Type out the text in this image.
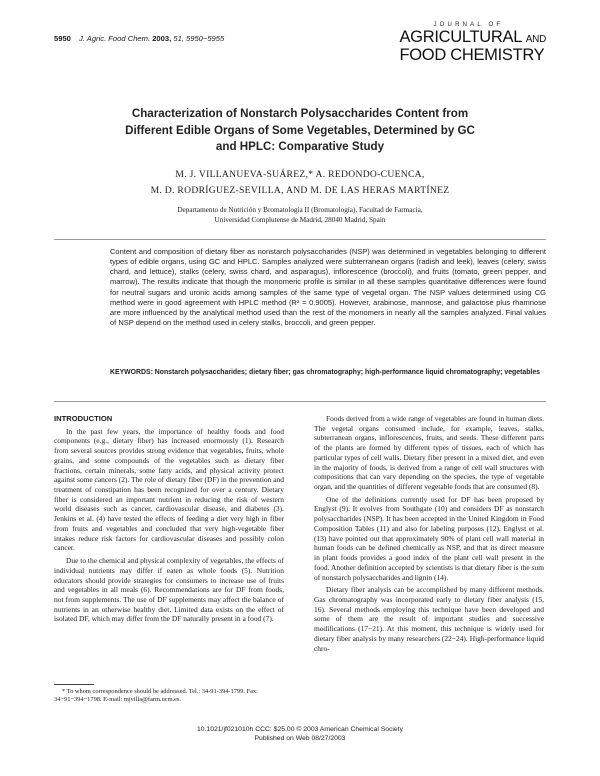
5950 J. Agric. Food Chem. 2003, 51, 5950−5955
JOURNAL OF
AGRICULTURAL AND
FOOD CHEMISTRY
Characterization of Nonstarch Polysaccharides Content from
Different Edible Organs of Some Vegetables, Determined by GC
and HPLC: Comparative Study
M. J. VILLANUEVA-SUÁREZ,* A. REDONDO-CUENCA,
M. D. RODRÍGUEZ-SEVILLA, AND M. DE LAS HERAS MARTÍNEZ
Departamento de Nutrición y Bromatología II (Bromatología), Facultad de Farmacia,
Universidad Complutense de Madrid, 28040 Madrid, Spain
Content and composition of dietary fiber as nonstarch polysaccharides (NSP) was determined in vegetables belonging to different types of edible organs, using GC and HPLC. Samples analyzed were subterranean organs (radish and leek), leaves (celery, swiss chard, and lettuce), stalks (celery, swiss chard, and asparagus), inflorescence (broccoli), and fruits (tomato, green pepper, and marrow). The results indicate that though the monomeric profile is similar in all these samples quantitative differences were found for neutral sugars and uronic acids among samples of the same type of vegetal organ. The NSP values determined using CG method were in good agreement with HPLC method (R² = 0.9005). However, arabinose, mannose, and galactose plus rhamnose are more influenced by the analytical method used than the rest of the monomers in nearly all the samples analyzed. Final values of NSP depend on the method used in celery stalks, broccoli, and green pepper.
KEYWORDS: Nonstarch polysaccharides; dietary fiber; gas chromatography; high-performance liquid chromatography; vegetables

INTRODUCTION

In the past few years, the importance of healthy foods and food components (e.g., dietary fiber) has increased enormously (1). Research from several sources provides strong evidence that vegetables, fruits, whole grains, and some compounds of the vegetables such as dietary fiber fractions, certain minerals, some fatty acids, and physical activity protect against some cancers (2). The role of dietary fiber (DF) in the prevention and treatment of constipation has been recognized for over a century. Dietary fiber is considered an important nutrient in reducing the risk of western world diseases such as cancer, cardiovascular disease, and diabetes (3). Jenkins et al. (4) have tested the effects of feeding a diet very high in fiber from fruits and vegetables and concluded that very high-vegetable fiber intakes reduce risk factors for cardiovascular diseases and possibly colon cancer.

Due to the chemical and physical complexity of vegetables, the effects of individual nutrients may differ if eaten as whole foods (5). Nutrition educators should provide strategies for consumers to increase use of fruits and vegetables in all meals (6). Recommendations are for DF from foods, not from supplements. The use of DF supplements may affect the balance of nutrients in an otherwise healthy diet. Limited data exists on the effect of isolated DF, which may differ from the DF naturally present in a food (7).

Foods derived from a wide range of vegetables are found in human diets. The vegetal organs consumed include, for example, leaves, stalks, subterranean organs, inflorescences, fruits, and seeds. These different parts of the plants are formed by different types of tissues, each of which has particular types of cell walls. Dietary fiber present in a mixed diet, and even in the majority of foods, is derived from a range of cell wall structures with compositions that can vary depending on the species, the type of vegetable organ, and the quantities of different vegetable foods that are consumed (8).

One of the definitions currently used for DF has been proposed by Englyst (9). It evolves from Southgate (10) and considers DF as nonstarch polysaccharides (NSP). It has been accepted in the United Kingdom in Food Composition Tables (11) and also for labeling purposes (12). Englyst et al. (13) have pointed out that approximately 90% of plant cell wall material in human foods can be defined chemically as NSP, and that its direct measure in plant foods provides a good index of the plant cell wall present in the food. Another definition accepted by scientists is that dietary fiber is the sum of nonstarch polysaccharides and lignin (14).

Dietary fiber analysis can be accomplished by many different methods. Gas chromatography was incorporated early to dietary fiber analysis (15, 16). Several methods employing this technique have been developed and some of them are the result of important studies and successive modifications (17−21). At this moment, this technique is widely used for dietary fiber analysis by many researchers (22−24). High-performance liquid chro-

* To whom correspondence should be addressed. Tel.: 34-91-394-1799. Fax: 34−91−394−1798. E-mail: mjvilla@farm.ucm.es.
10.1021/jf021010h CCC: $25.00 © 2003 American Chemical Society
Published on Web 08/27/2003
